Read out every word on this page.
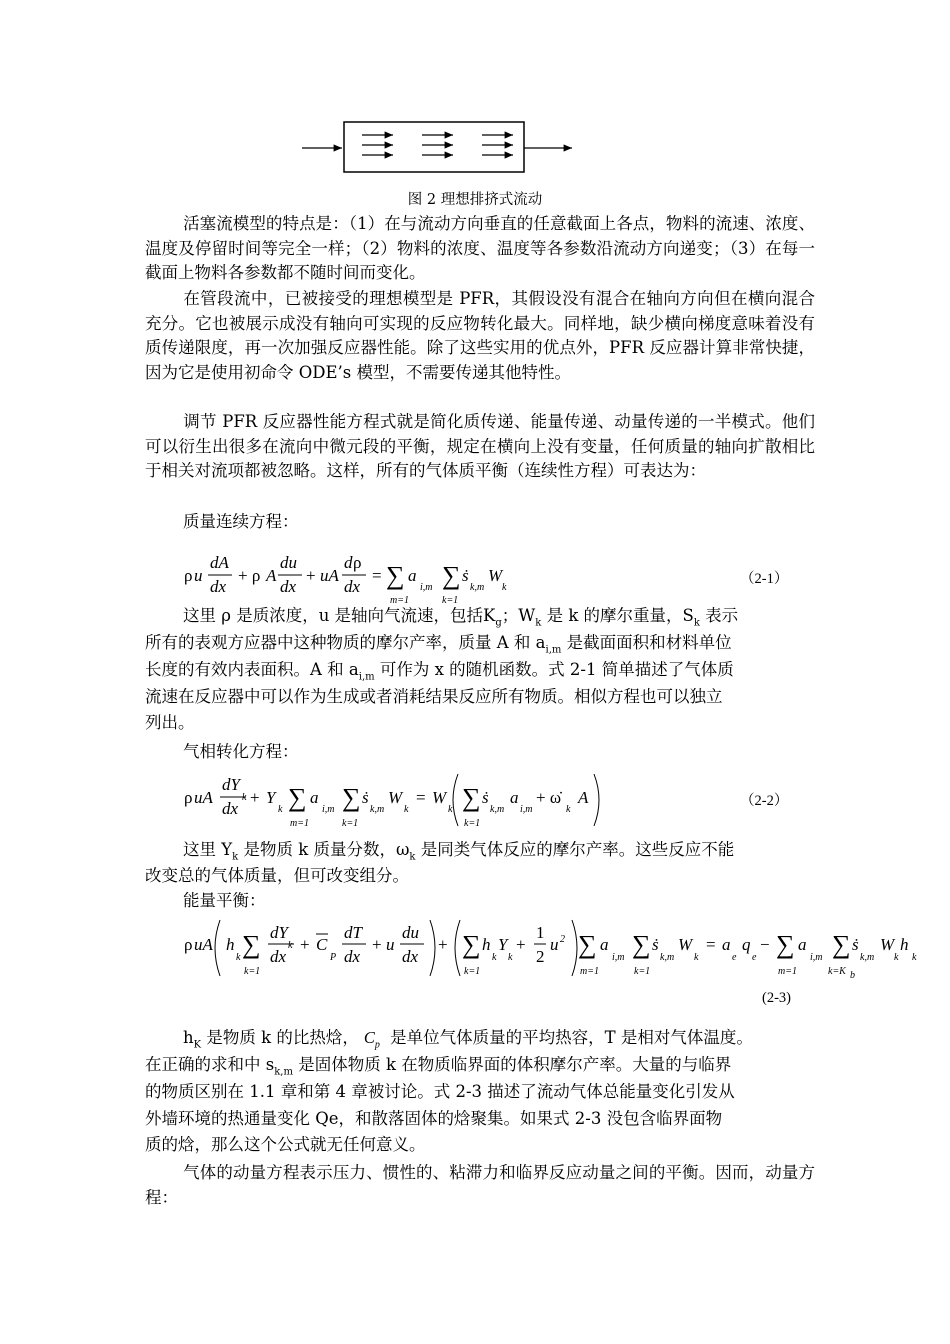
图 2 理想排挤式流动

活塞流模型的特点是：（1）在与流动方向垂直的任意截面上各点，物料的流速、浓度、温度及停留时间等完全一样；（2）物料的浓度、温度等各参数沿流动方向递变；（3）在每一截面上物料各参数都不随时间而变化。

在管段流中，已被接受的理想模型是 PFR，其假设没有混合在轴向方向但在横向混合充分。它也被展示成没有轴向可实现的反应物转化最大。同样地，缺少横向梯度意味着没有质传递限度，再一次加强反应器性能。除了这些实用的优点外，PFR 反应器计算非常快捷，因为它是使用初命令 ODE’s 模型，不需要传递其他特性。

调节 PFR 反应器性能方程式就是简化质传递、能量传递、动量传递的一半模式。他们可以衍生出很多在流向中微元段的平衡，规定在横向上没有变量，任何质量的轴向扩散相比于相关对流项都被忽略。这样，所有的气体质平衡（连续性方程）可表达为：

质量连续方程：

ρ u
dA
dx
+ ρ A
du
dx
+ uA
d ρ
dx
= ∑ a ∑ ṡ W
i,m	k,m k
m=1	k=1
（2-1）
这里 ρ 是质浓度，u 是轴向气流速，包括$K_g$；$W_k$ 是 k 的摩尔重量，$S_k$ 表示
所有的表观方应器中这种物质的摩尔产率，质量 A 和 $a_{i,m}$ 是截面面积和材料单位
长度的有效内表面积。A 和 $a_{i,m}$ 可作为 x 的随机函数。式 2-1 简单描述了气体质
流速在反应器中可以作为生成或者消耗结果反应所有物质。相似方程也可以独立
列出。
气相转化方程：
ρ uA
dY
dx
+ Y ∑ a ∑ ṡ W = W ∑ ṡ a + ω̇ A
k
k	i,m	k,m k	k	k,m i,m	k
m=1	k=1	k=1
（2-2）
这里 $Y_k$ 是物质 k 质量分数，$\omega_k$ 是同类气体反应的摩尔产率。这些反应不能
改变总的气体质量，但可改变组分。
能量平衡：
ρ uA h ∑ dY
dx
+ C
dT
dx
+ u
du
dx
+ ∑ h Y +
1
2
u ∑ a ∑ ṡ W = a q − ∑ a ∑ ṡ W h
k
k
P	k k
2
i,m	k,m k	e e	i,m	k,m k k
k=1	k=1	m=1	k=1	m=1	k=K b
(2-3)
$h_K$ 是物质 k 的比热焓， $C_p$ 是单位气体质量的平均热容，T 是相对气体温度。
在正确的求和中 $s_{k,m}$ 是固体物质 k 在物质临界面的体积摩尔产率。大量的与临界
的物质区别在 1.1 章和第 4 章被讨论。式 2-3 描述了流动气体总能量变化引发从
外墙环境的热通量变化 Qe，和散落固体的焓聚集。如果式 2-3 没包含临界面物
质的焓，那么这个公式就无任何意义。

气体的动量方程表示压力、惯性的、粘滞力和临界反应动量之间的平衡。因而，动量方程：
